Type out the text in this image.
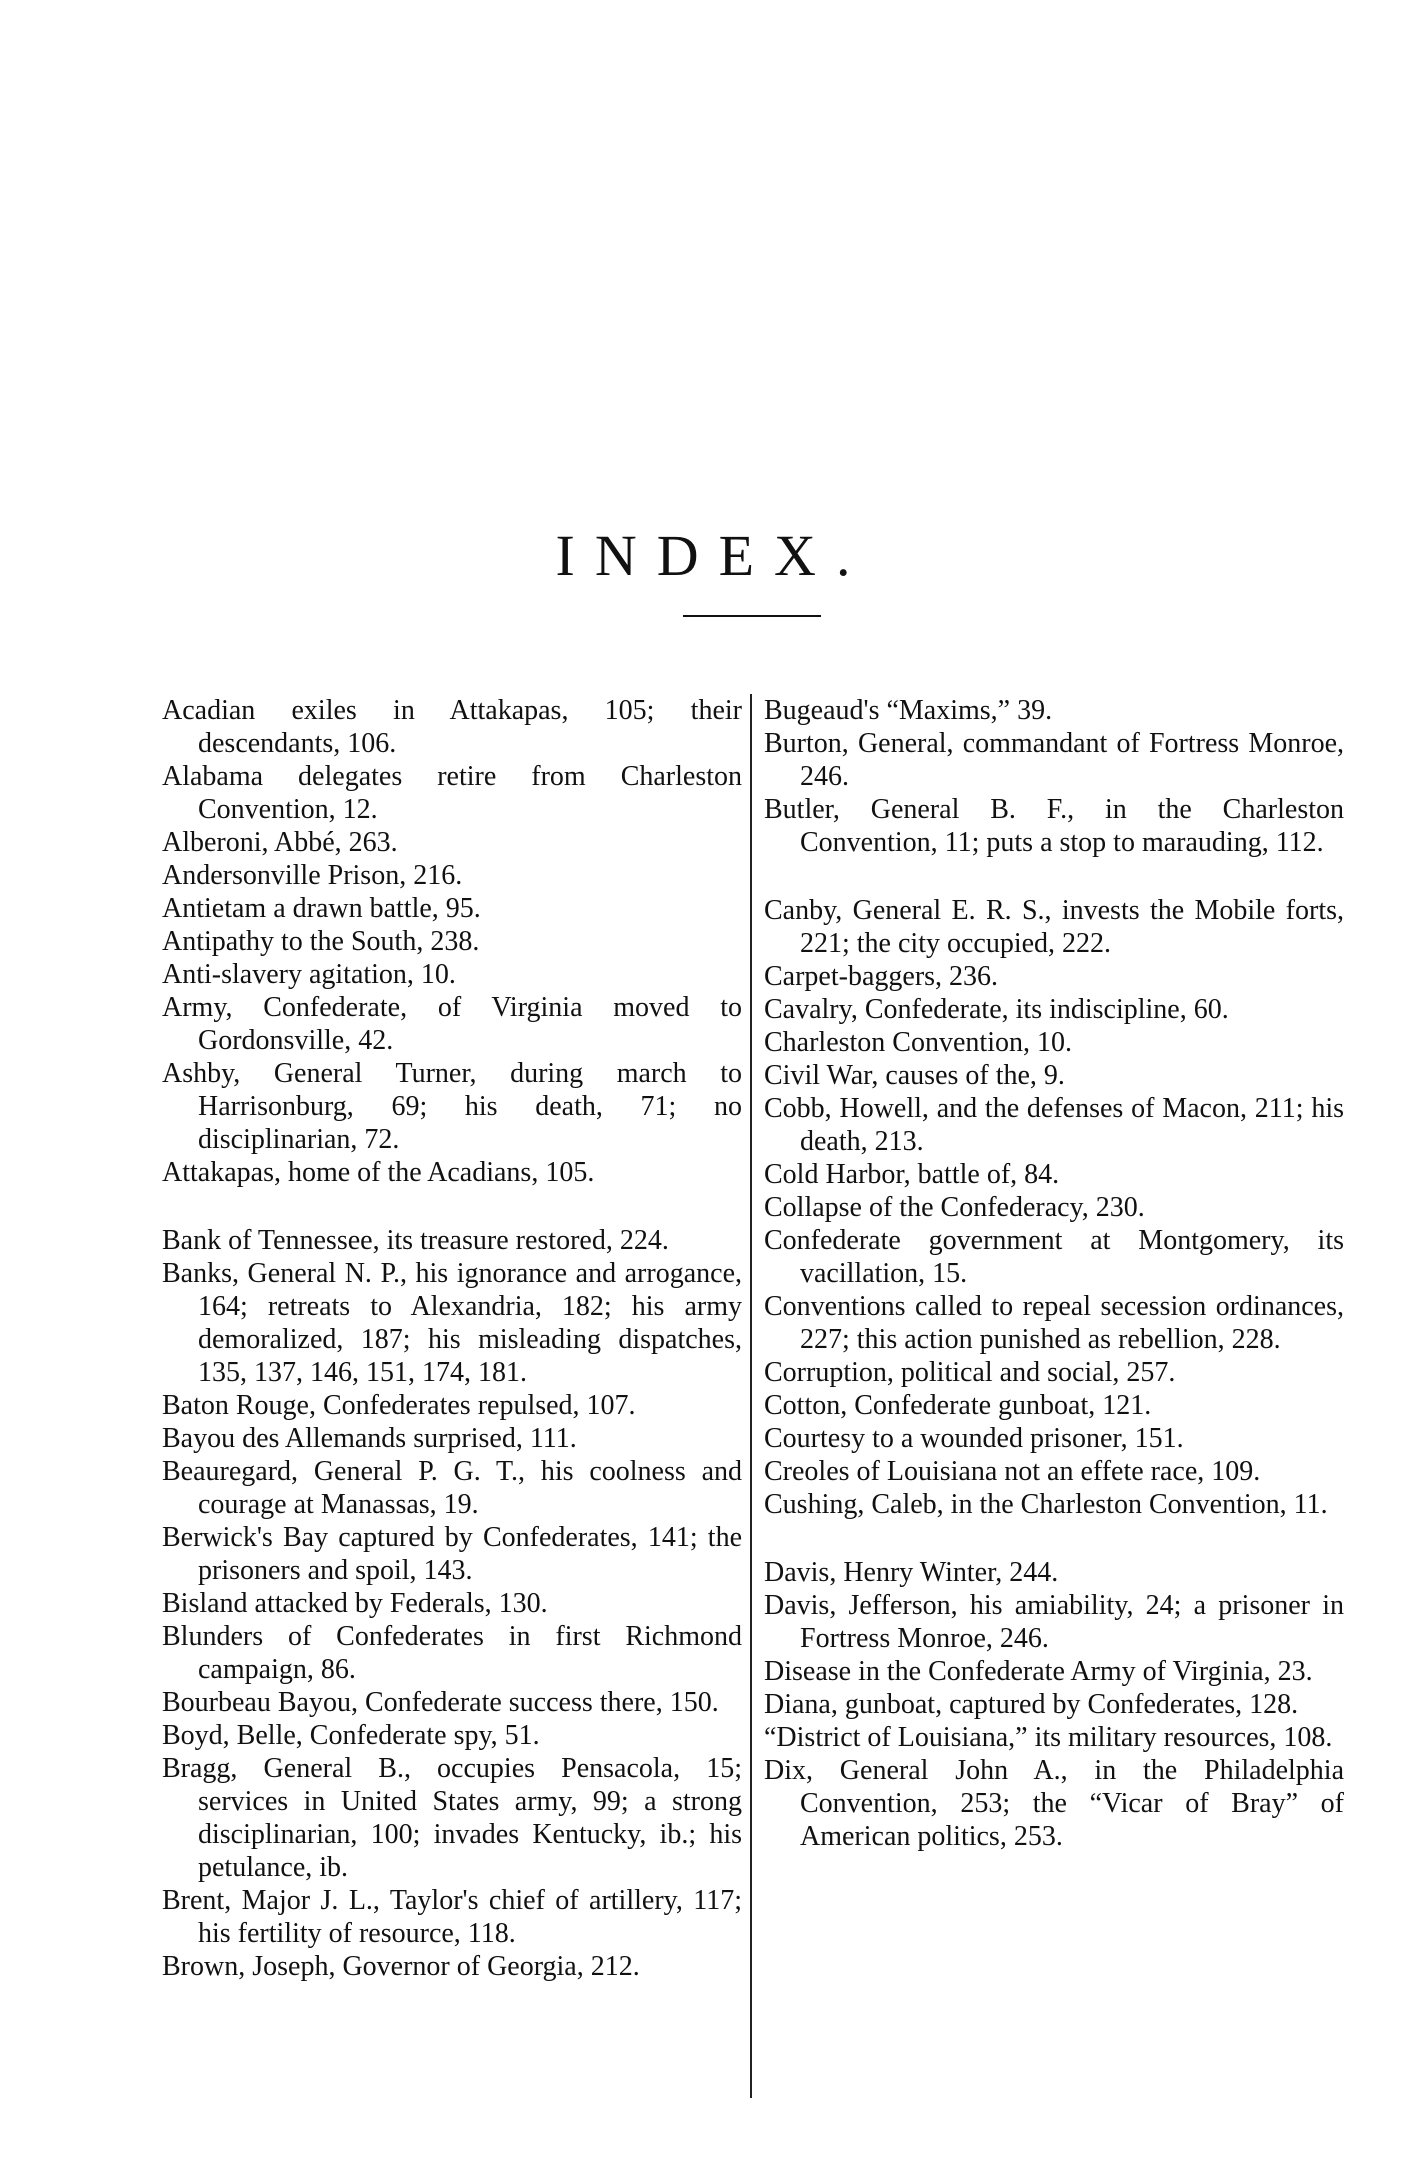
INDEX.

Acadian exiles in Attakapas, 105; their descendants, 106.

Alabama delegates retire from Charleston Convention, 12.

Alberoni, Abbé, 263.

Andersonville Prison, 216.

Antietam a drawn battle, 95.

Antipathy to the South, 238.

Anti-slavery agitation, 10.

Army, Confederate, of Virginia moved to Gordonsville, 42.

Ashby, General Turner, during march to Harrisonburg, 69; his death, 71; no disciplinarian, 72.

Attakapas, home of the Acadians, 105.

Bank of Tennessee, its treasure restored, 224.

Banks, General N. P., his ignorance and arrogance, 164; retreats to Alexandria, 182; his army demoralized, 187; his misleading dispatches, 135, 137, 146, 151, 174, 181.

Baton Rouge, Confederates repulsed, 107.

Bayou des Allemands surprised, 111.

Beauregard, General P. G. T., his coolness and courage at Manassas, 19.

Berwick's Bay captured by Confederates, 141; the prisoners and spoil, 143.

Bisland attacked by Federals, 130.

Blunders of Confederates in first Richmond campaign, 86.

Bourbeau Bayou, Confederate success there, 150.

Boyd, Belle, Confederate spy, 51.

Bragg, General B., occupies Pensacola, 15; services in United States army, 99; a strong disciplinarian, 100; invades Kentucky, ib.; his petulance, ib.

Brent, Major J. L., Taylor's chief of artillery, 117; his fertility of resource, 118.

Brown, Joseph, Governor of Georgia, 212.

Bugeaud's “Maxims,” 39.

Burton, General, commandant of Fortress Monroe, 246.

Butler, General B. F., in the Charleston Convention, 11; puts a stop to marauding, 112.

Canby, General E. R. S., invests the Mobile forts, 221; the city occupied, 222.

Carpet-baggers, 236.

Cavalry, Confederate, its indiscipline, 60.

Charleston Convention, 10.

Civil War, causes of the, 9.

Cobb, Howell, and the defenses of Macon, 211; his death, 213.

Cold Harbor, battle of, 84.

Collapse of the Confederacy, 230.

Confederate government at Montgomery, its vacillation, 15.

Conventions called to repeal secession ordinances, 227; this action punished as rebellion, 228.

Corruption, political and social, 257.

Cotton, Confederate gunboat, 121.

Courtesy to a wounded prisoner, 151.

Creoles of Louisiana not an effete race, 109.

Cushing, Caleb, in the Charleston Convention, 11.

Davis, Henry Winter, 244.

Davis, Jefferson, his amiability, 24; a prisoner in Fortress Monroe, 246.

Disease in the Confederate Army of Virginia, 23.

Diana, gunboat, captured by Confederates, 128.

“District of Louisiana,” its military resources, 108.

Dix, General John A., in the Philadelphia Convention, 253; the “Vicar of Bray” of American politics, 253.
